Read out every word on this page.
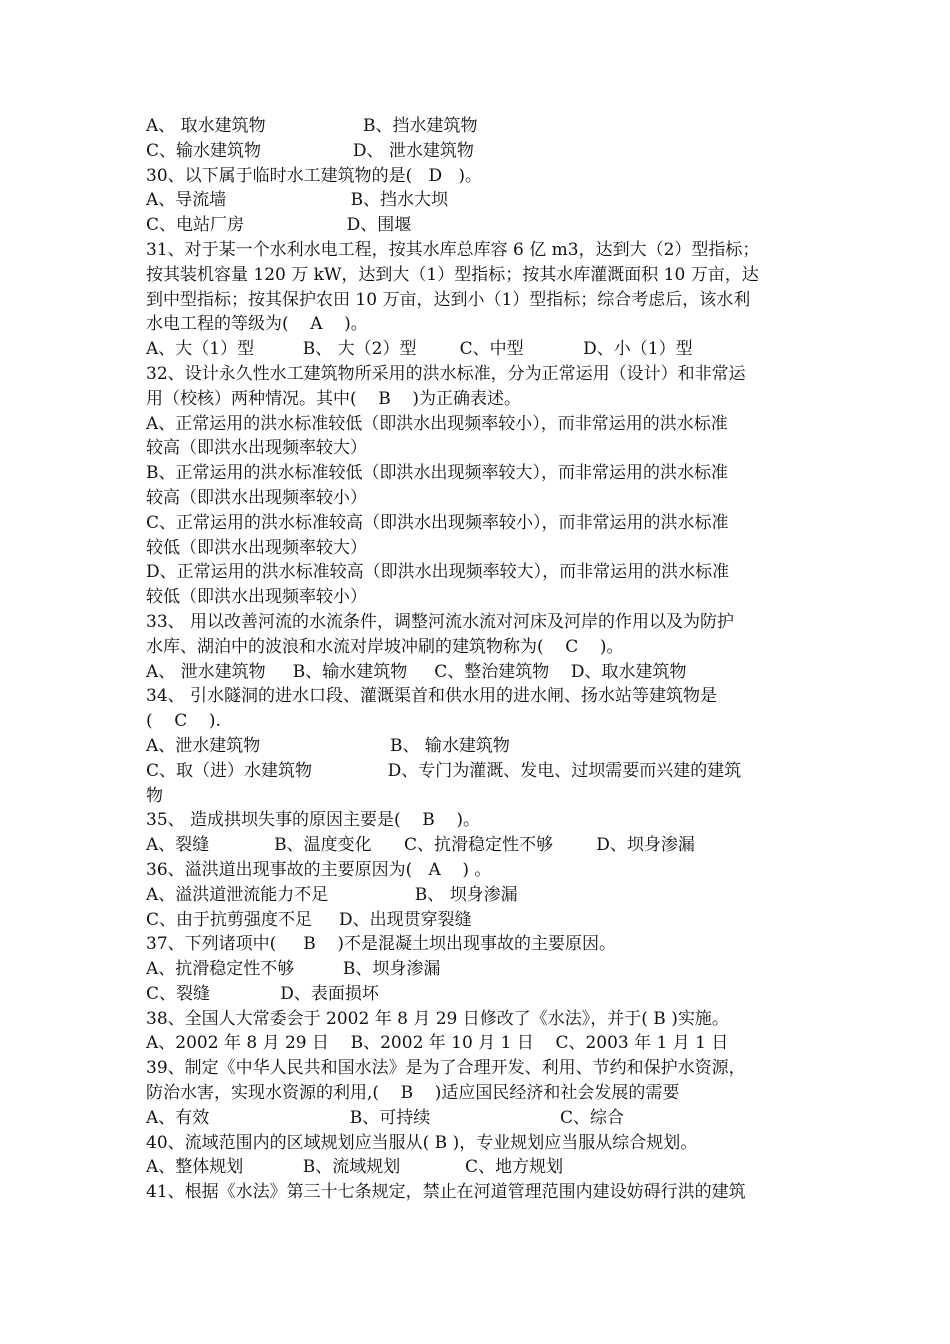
A、 取水建筑物                  B、挡水建筑物

C、输水建筑物                 D、 泄水建筑物

30、以下属于临时水工建筑物的是(   D   )。

A、导流墙                       B、挡水大坝

C、电站厂房                   D、围堰

31、对于某一个水利水电工程，按其水库总库容 6 亿 m3，达到大（2）型指标；

按其装机容量 120 万 kW，达到大（1）型指标；按其水库灌溉面积 10 万亩，达

到中型指标；按其保护农田 10 万亩，达到小（1）型指标；综合考虑后，该水利

水电工程的等级为(    A    )。

A、大（1）型         B、 大（2）型        C、中型           D、小（1）型

32、设计永久性水工建筑物所采用的洪水标准，分为正常运用（设计）和非常运

用（校核）两种情况。其中(    B    )为正确表述。

A、正常运用的洪水标准较低（即洪水出现频率较小），而非常运用的洪水标准

较高（即洪水出现频率较大）

B、正常运用的洪水标准较低（即洪水出现频率较大），而非常运用的洪水标准

较高（即洪水出现频率较小）

C、正常运用的洪水标准较高（即洪水出现频率较小），而非常运用的洪水标准

较低（即洪水出现频率较大）

D、正常运用的洪水标准较高（即洪水出现频率较大），而非常运用的洪水标准

较低（即洪水出现频率较小）

33、 用以改善河流的水流条件，调整河流水流对河床及河岸的作用以及为防护

水库、湖泊中的波浪和水流对岸坡冲刷的建筑物称为(    C    )。

A、 泄水建筑物     B、输水建筑物     C、整治建筑物    D、取水建筑物

34、 引水隧洞的进水口段、灌溉渠首和供水用的进水闸、扬水站等建筑物是

(    C    ).

A、泄水建筑物                        B、 输水建筑物

C、取（进）水建筑物              D、专门为灌溉、发电、过坝需要而兴建的建筑

物

35、 造成拱坝失事的原因主要是(    B    )。

A、裂缝            B、温度变化      C、抗滑稳定性不够        D、坝身渗漏

36、溢洪道出现事故的主要原因为(   A    ) 。

A、溢洪道泄流能力不足                B、 坝身渗漏

C、由于抗剪强度不足     D、出现贯穿裂缝

37、下列诸项中(     B    )不是混凝土坝出现事故的主要原因。

A、抗滑稳定性不够         B、坝身渗漏

C、裂缝             D、表面损坏

38、全国人大常委会于 2002 年 8 月 29 日修改了《水法》，并于( B )实施。

A、2002 年 8 月 29 日    B、2002 年 10 月 1 日    C、2003 年 1 月 1 日

39、制定《中华人民共和国水法》是为了合理开发、利用、节约和保护水资源，

防治水害，实现水资源的利用,(    B    )适应国民经济和社会发展的需要

A、有效                          B、可持续                        C、综合

40、流域范围内的区域规划应当服从( B )，专业规划应当服从综合规划。

A、整体规划           B、流域规划            C、地方规划

41、根据《水法》第三十七条规定，禁止在河道管理范围内建设妨碍行洪的建筑
